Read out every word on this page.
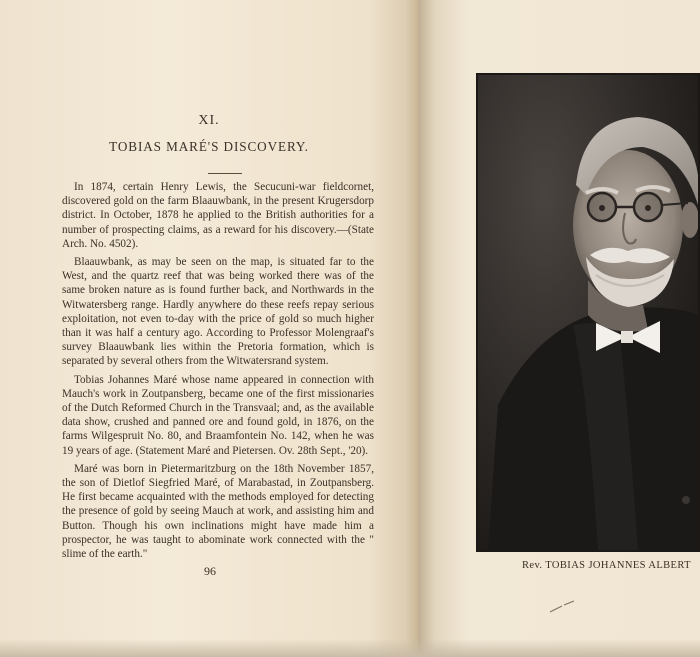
XI.
TOBIAS MARÉ'S DISCOVERY.

In 1874, certain Henry Lewis, the Secucuni-war fieldcornet, discovered gold on the farm Blaauwbank, in the present Krugersdorp district. In October, 1878 he applied to the British authorities for a number of prospecting claims, as a reward for his discovery.—(State Arch. No. 4502).

Blaauwbank, as may be seen on the map, is situated far to the West, and the quartz reef that was being worked there was of the same broken nature as is found further back, and Northwards in the Witwatersberg range. Hardly anywhere do these reefs repay serious exploitation, not even to-day with the price of gold so much higher than it was half a century ago. According to Professor Molengraaf's survey Blaauwbank lies within the Pretoria formation, which is separated by several others from the Witwatersrand system.

Tobias Johannes Maré whose name appeared in connection with Mauch's work in Zoutpansberg, became one of the first missionaries of the Dutch Reformed Church in the Transvaal; and, as the available data show, crushed and panned ore and found gold, in 1876, on the farms Wilgespruit No. 80, and Braamfontein No. 142, when he was 19 years of age. (Statement Maré and Pietersen. Ov. 28th Sept., '20).

Maré was born in Pietermaritzburg on the 18th November 1857, the son of Dietlof Siegfried Maré, of Marabastad, in Zoutpansberg. He first became acquainted with the methods employed for detecting the presence of gold by seeing Mauch at work, and assisting him and Button. Though his own inclinations might have made him a prospector, he was taught to abominate work connected with the " slime of the earth."

96	Rev. TOBIAS JOHANNES ALBERT
